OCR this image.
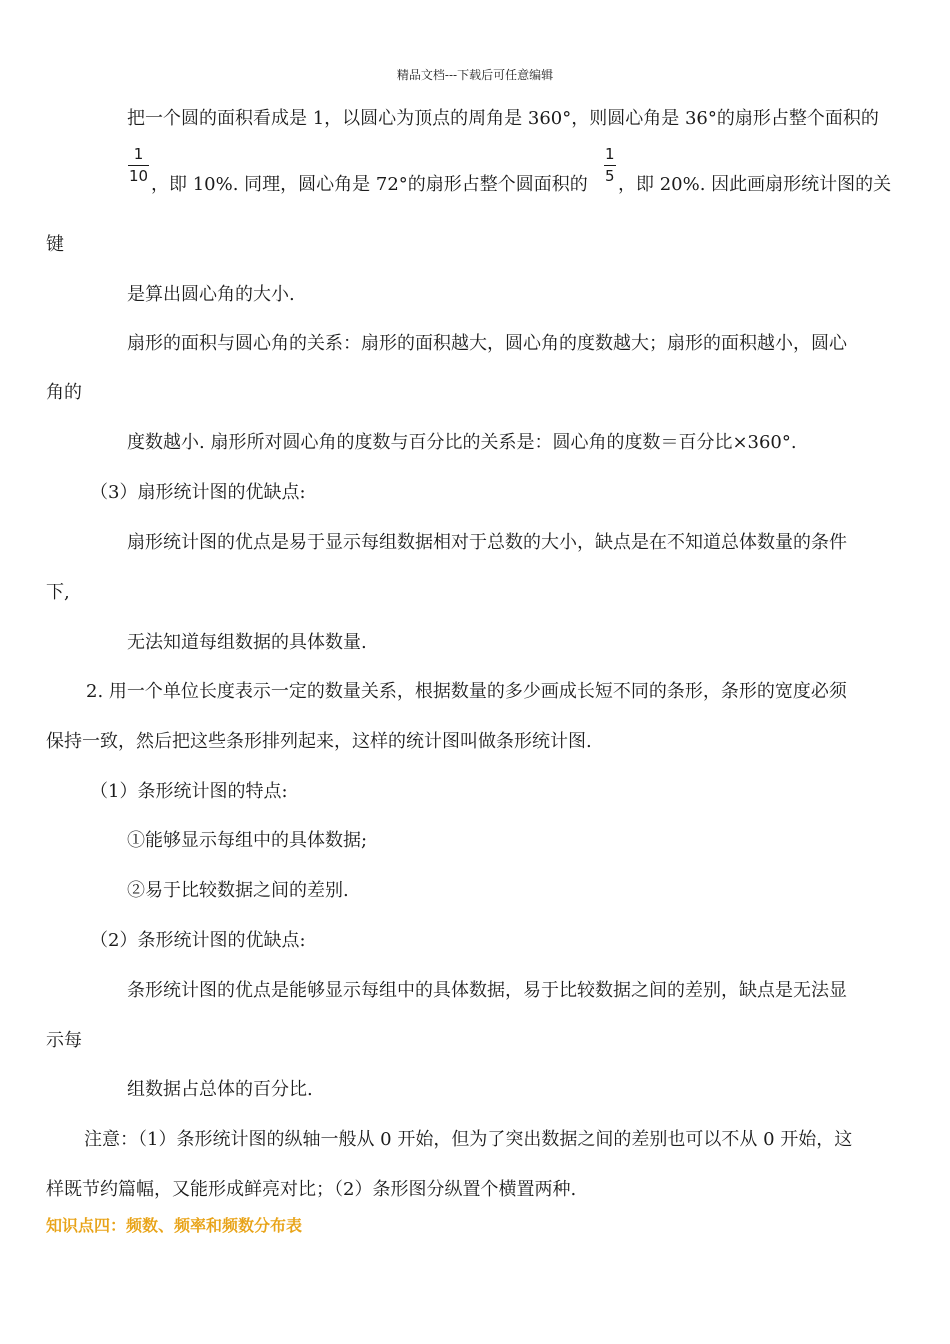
精品文档---下载后可任意编辑
把一个圆的面积看成是 1，以圆心为顶点的周角是 360°，则圆心角是 36°的扇形占整个面积的
1
10 ，即 10%. 同理，圆心角是 72°的扇形占整个圆面积的
1
5 ，即 20%. 因此画扇形统计图的关
键
是算出圆心角的大小.
扇形的面积与圆心角的关系：扇形的面积越大，圆心角的度数越大；扇形的面积越小，圆心
角的
度数越小. 扇形所对圆心角的度数与百分比的关系是：圆心角的度数＝百分比×360°.
（3）扇形统计图的优缺点:
扇形统计图的优点是易于显示每组数据相对于总数的大小，缺点是在不知道总体数量的条件
下,
无法知道每组数据的具体数量.
2. 用一个单位长度表示一定的数量关系，根据数量的多少画成长短不同的条形，条形的宽度必须
保持一致，然后把这些条形排列起来，这样的统计图叫做条形统计图.
（1）条形统计图的特点:
①能够显示每组中的具体数据;
②易于比较数据之间的差别.
（2）条形统计图的优缺点:
条形统计图的优点是能够显示每组中的具体数据，易于比较数据之间的差别，缺点是无法显
示每
组数据占总体的百分比.
注意：（1）条形统计图的纵轴一般从 0 开始，但为了突出数据之间的差别也可以不从 0 开始，这
样既节约篇幅，又能形成鲜亮对比；（2）条形图分纵置个横置两种.
知识点四：频数、频率和频数分布表
